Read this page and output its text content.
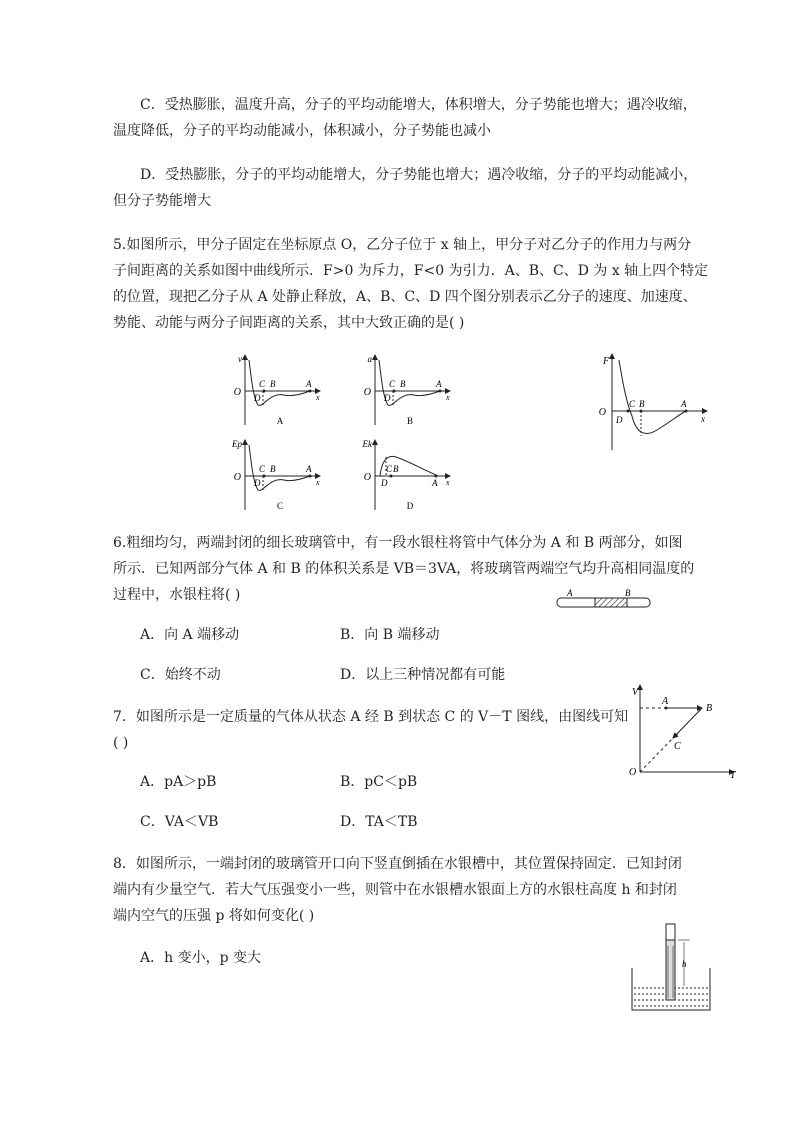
C．受热膨胀，温度升高，分子的平均动能增大，体积增大，分子势能也增大；遇冷收缩，
温度降低，分子的平均动能减小，体积减小，分子势能也减小
D．受热膨胀，分子的平均动能增大，分子势能也增大；遇冷收缩，分子的平均动能减小，
但分子势能增大
5.如图所示，甲分子固定在坐标原点 O，乙分子位于 x 轴上，甲分子对乙分子的作用力与两分
子间距离的关系如图中曲线所示．F>0 为斥力，F<0 为引力．A、B、C、D 为 x 轴上四个特定
的位置，现把乙分子从 A 处静止释放，A、B、C、D 四个图分别表示乙分子的速度、加速度、
势能、动能与两分子间距离的关系，其中大致正确的是( )
v
O
C B
D
A
x
A
a
O
C B
D
A
x
B
Ep
O
C B
D
A
x
C
Ek
O
C B
D	A x
D
F
O
C B
D
A
x
6.粗细均匀，两端封闭的细长玻璃管中，有一段水银柱将管中气体分为 A 和 B 两部分，如图
所示．已知两部分气体 A 和 B 的体积关系是 VB＝3VA，将玻璃管两端空气均升高相同温度的
过程中，水银柱将( )	A	B
A．向 A 端移动	B．向 B 端移动
C．始终不动	D．以上三种情况都有可能
7．如图所示是一定质量的气体从状态 A 经 B 到状态 C 的 V－T 图线，由图线可知
( )
V
O	T
A
B
C
A．pA＞pB	B．pC＜pB
C．VA＜VB	D．TA＜TB
8．如图所示，一端封闭的玻璃管开口向下竖直倒插在水银槽中，其位置保持固定．已知封闭
端内有少量空气．若大气压强变小一些，则管中在水银槽水银面上方的水银柱高度 h 和封闭
端内空气的压强 p 将如何变化( )
A．h 变小，p 变大	h
